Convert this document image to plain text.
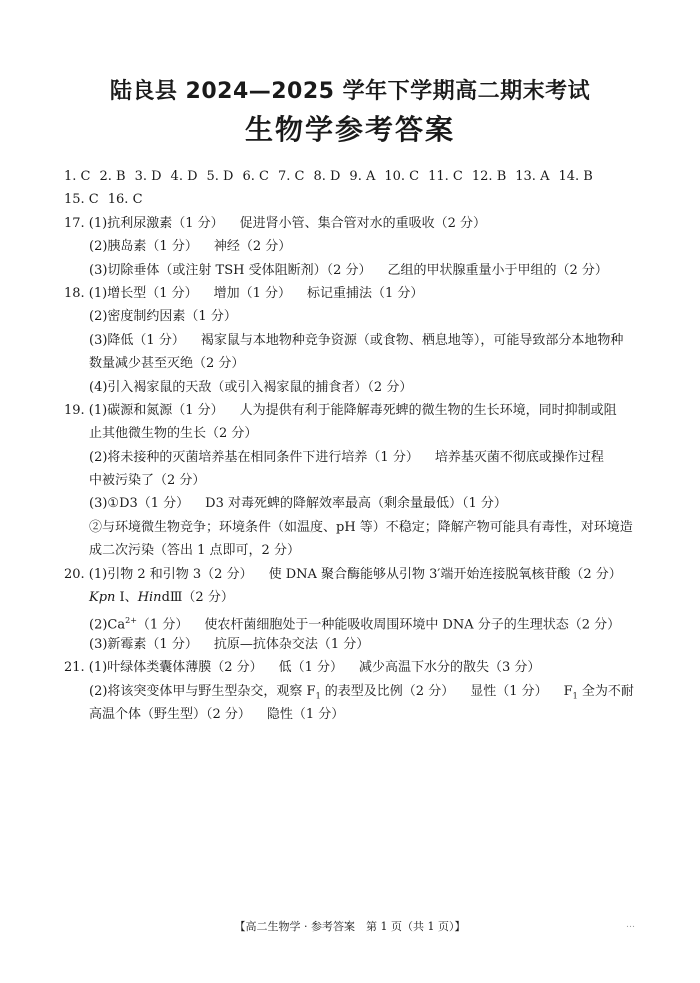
陆良县 2024—2025 学年下学期高二期末考试
生物学参考答案
1. C 2. B 3. D 4. D 5. D 6. C 7. C 8. D 9. A 10. C 11. C 12. B 13. A 14. B
15. C 16. C
17. (1)抗利尿激素（1 分） 促进肾小管、集合管对水的重吸收（2 分）
(2)胰岛素（1 分） 神经（2 分）
(3)切除垂体（或注射 TSH 受体阻断剂）（2 分） 乙组的甲状腺重量小于甲组的（2 分）
18. (1)增长型（1 分） 增加（1 分） 标记重捕法（1 分）
(2)密度制约因素（1 分）
(3)降低（1 分） 褐家鼠与本地物种竞争资源（或食物、栖息地等），可能导致部分本地物种
数量减少甚至灭绝（2 分）
(4)引入褐家鼠的天敌（或引入褐家鼠的捕食者）（2 分）
19. (1)碳源和氮源（1 分） 人为提供有利于能降解毒死蜱的微生物的生长环境，同时抑制或阻
止其他微生物的生长（2 分）
(2)将未接种的灭菌培养基在相同条件下进行培养（1 分） 培养基灭菌不彻底或操作过程
中被污染了（2 分）
(3)①D3（1 分） D3 对毒死蜱的降解效率最高（剩余量最低）（1 分）
②与环境微生物竞争；环境条件（如温度、pH 等）不稳定；降解产物可能具有毒性，对环境造
成二次污染（答出 1 点即可，2 分）
20. (1)引物 2 和引物 3（2 分） 使 DNA 聚合酶能够从引物 3′端开始连接脱氧核苷酸（2 分）
Kpn Ⅰ、HindⅢ（2 分）
$(2)Ca^{2+}(1$ 分） 使农杆菌细胞处于一种能吸收周围环境中 DNA 分子的生理状态（2 分）
(3)新霉素（1 分） 抗原—抗体杂交法（1 分）
21. (1)叶绿体类囊体薄膜（2 分） 低（1 分） 减少高温下水分的散失（3 分）
(2)将该突变体甲与野生型杂交，观察 $F_1$ 的表型及比例（2 分） 显性（1 分） $F_1$ 全为不耐
高温个体（野生型）（2 分） 隐性（1 分）
【高二生物学 · 参考答案　第 1 页（共 1 页）】	…
